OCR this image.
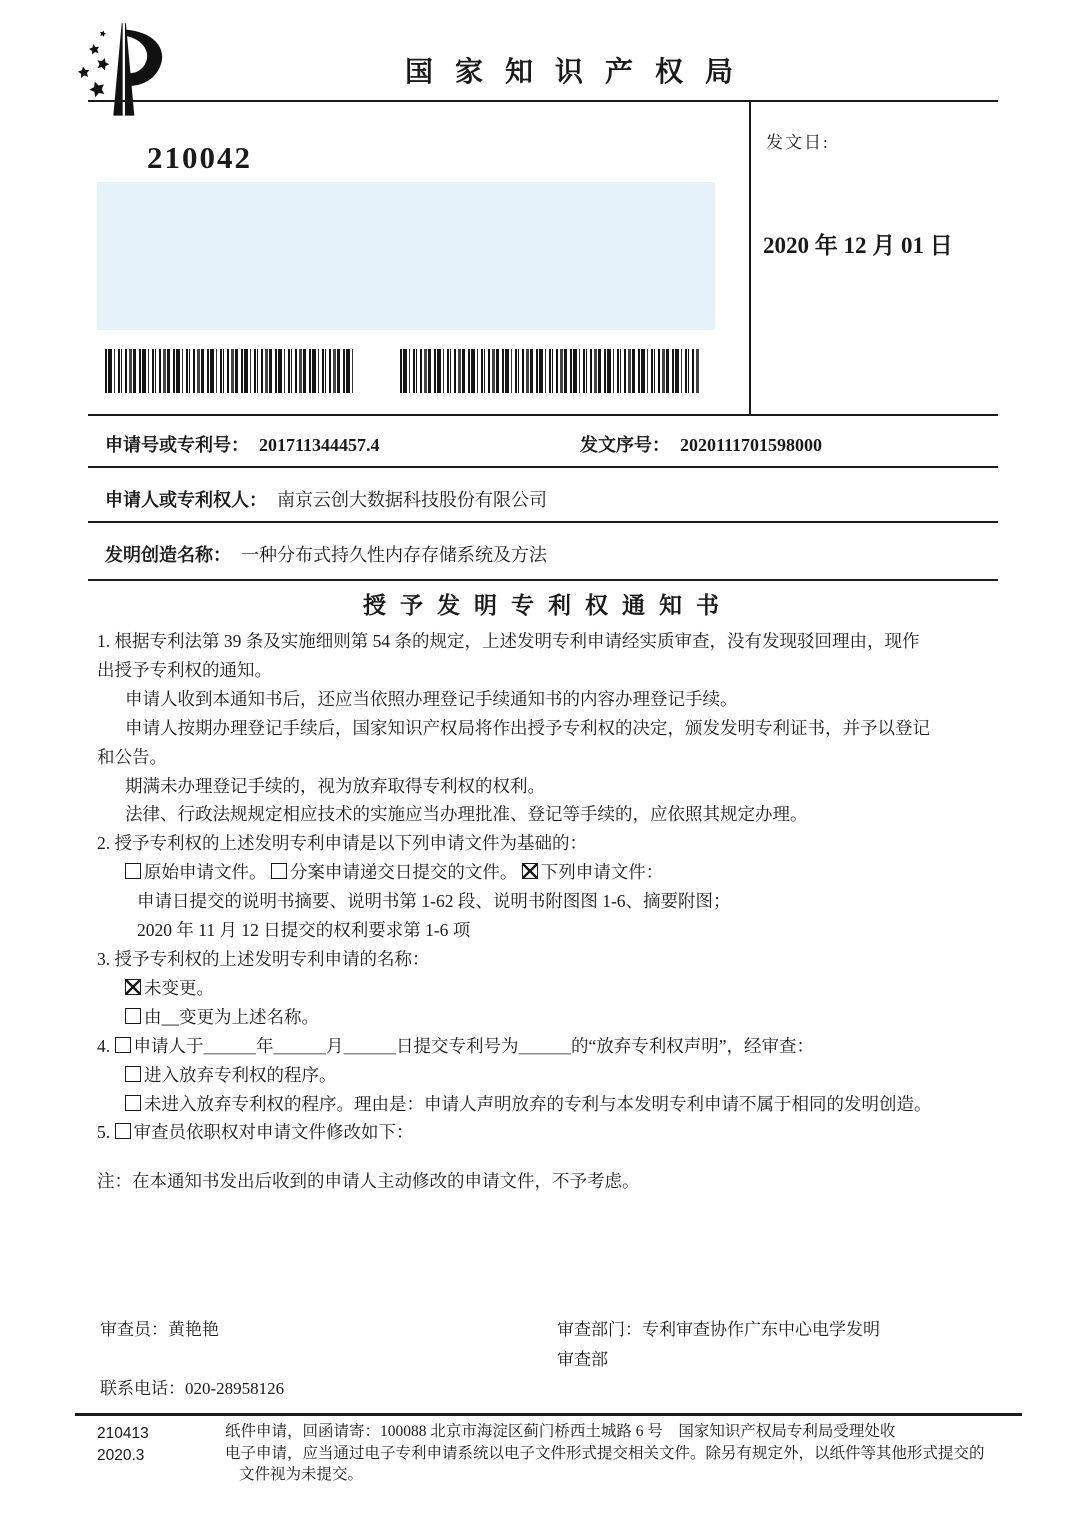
国家知识产权局
210042	发文日:
2020 年 12 月 01 日
申请号或专利号： 201711344457.4	发文序号： 2020111701598000
申请人或专利权人： 南京云创大数据科技股份有限公司
发明创造名称： 一种分布式持久性内存存储系统及方法
授予发明专利权通知书
1. 根据专利法第 39 条及实施细则第 54 条的规定，上述发明专利申请经实质审查，没有发现驳回理由，现作
出授予专利权的通知。
申请人收到本通知书后，还应当依照办理登记手续通知书的内容办理登记手续。
申请人按期办理登记手续后，国家知识产权局将作出授予专利权的决定，颁发发明专利证书，并予以登记
和公告。
期满未办理登记手续的，视为放弃取得专利权的权利。
法律、行政法规规定相应技术的实施应当办理批准、登记等手续的，应依照其规定办理。
2. 授予专利权的上述发明专利申请是以下列申请文件为基础的：
原始申请文件。 分案申请递交日提交的文件。 下列申请文件：
申请日提交的说明书摘要、说明书第 1-62 段、说明书附图图 1-6、摘要附图；
2020 年 11 月 12 日提交的权利要求第 1-6 项
3. 授予专利权的上述发明专利申请的名称：
未变更。
由__变更为上述名称。
4. 申请人于＿＿＿年＿＿＿月＿＿＿日提交专利号为＿＿＿的“放弃专利权声明”，经审查：
进入放弃专利权的程序。
未进入放弃专利权的程序。理由是：申请人声明放弃的专利与本发明专利申请不属于相同的发明创造。
5. 审查员依职权对申请文件修改如下：
注：在本通知书发出后收到的申请人主动修改的申请文件，不予考虑。
审查员：黄艳艳	审查部门：专利审查协作广东中心电学发明
审查部
联系电话：020-28958126
210413
2020.3
纸件申请，回函请寄：100088 北京市海淀区蓟门桥西土城路 6 号　国家知识产权局专利局受理处收
电子申请，应当通过电子专利申请系统以电子文件形式提交相关文件。除另有规定外，以纸件等其他形式提交的
文件视为未提交。
